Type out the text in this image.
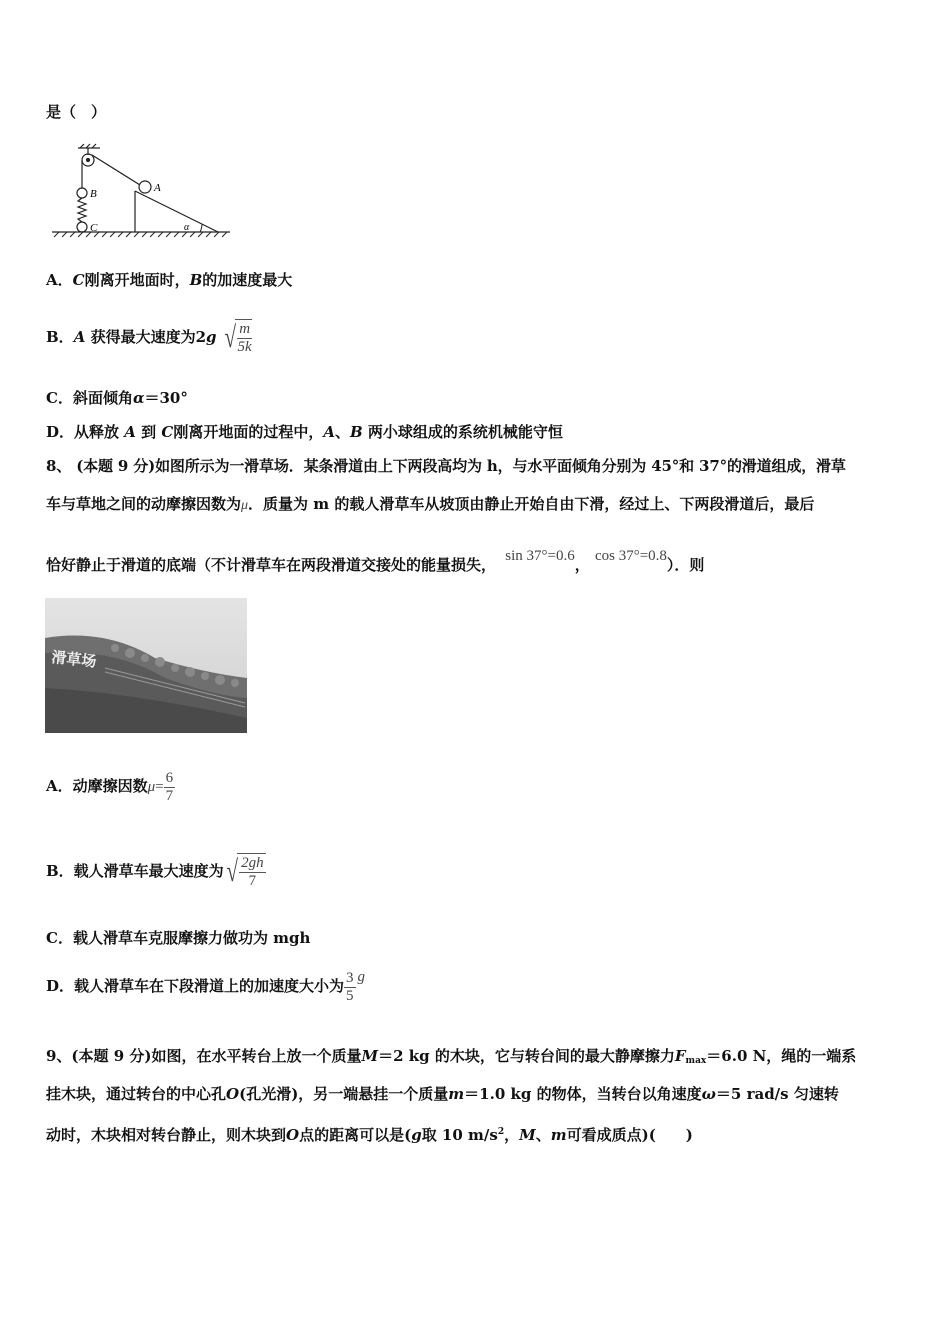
是（　）
A
B
C	α
A．C刚离开地面时，B的加速度最大
B．A 获得最大速度为2g √ $\frac{m}{5k}$
C．斜面倾角α＝30°
D．从释放 A 到 C刚离开地面的过程中，A、B 两小球组成的系统机械能守恒
8、 (本题 9 分)如图所示为一滑草场．某条滑道由上下两段高均为 h，与水平面倾角分别为 45°和 37°的滑道组成，滑草
车与草地之间的动摩擦因数为μ．质量为 m 的载人滑草车从坡顶由静止开始自由下滑，经过上、下两段滑道后，最后
恰好静止于滑道的底端（不计滑草车在两段滑道交接处的能量损失， sin 37°=0.6， cos 37°=0.8）．则
滑草场
A．动摩擦因数$\mu= \frac{6}{7}$
B．载人滑草车最大速度为 √ $\frac{2gh}{7}$
C．载人滑草车克服摩擦力做功为 mgh
D．载人滑草车在下段滑道上的加速度大小为 $\frac{3}{5}$ g
9、(本题 9 分)如图，在水平转台上放一个质量M＝2 kg 的木块，它与转台间的最大静摩擦力$F_{max}=6.0$ N，绳的一端系
挂木块，通过转台的中心孔O(孔光滑)，另一端悬挂一个质量m＝1.0 kg 的物体，当转台以角速度ω＝5 rad/s 匀速转
动时，木块相对转台静止，则木块到O点的距离可以是(g取 10 $m/s^2$，M、m可看成质点)(　　)
